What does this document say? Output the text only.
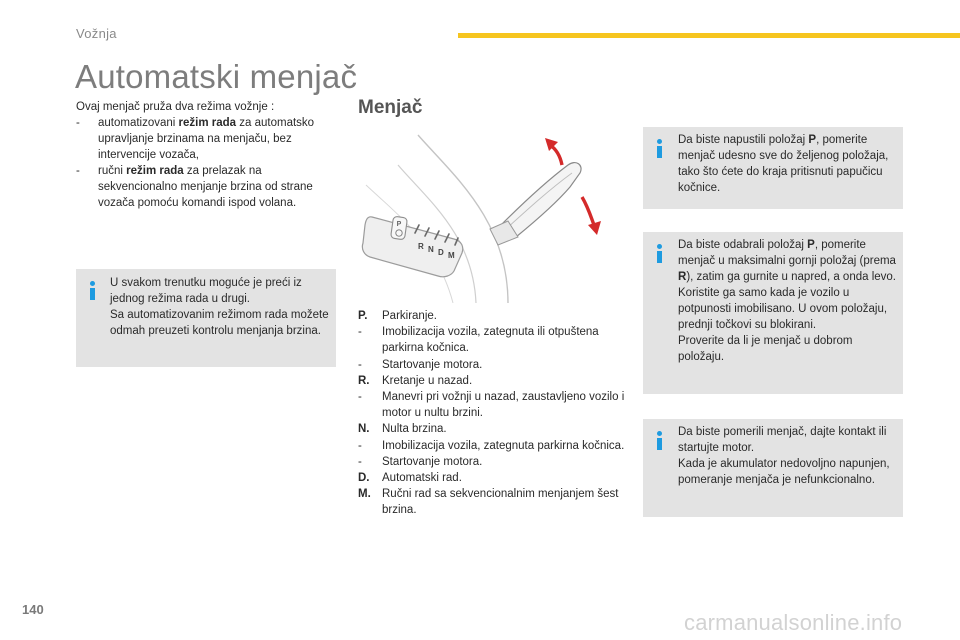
Vožnja
Automatski menjač
Ovaj menjač pruža dva režima vožnje :
- automatizovani režim rada za automatsko upravljanje brzinama na menjaču, bez intervencije vozača,
- ručni režim rada za prelazak na sekvencionalno menjanje brzina od strane vozača pomoću komandi ispod volana.
U svakom trenutku moguće je preći iz jednog režima rada u drugi.
Sa automatizovanim režimom rada možete odmah preuzeti kontrolu menjanja brzina.
Menjač
P
R N D M
P. Parkiranje.
- Imobilizacija vozila, zategnuta ili otpuštena parkirna kočnica.
- Startovanje motora.
R. Kretanje u nazad.
- Manevri pri vožnji u nazad, zaustavljeno vozilo i motor u nultu brzini.
N. Nulta brzina.
- Imobilizacija vozila, zategnuta parkirna kočnica.
- Startovanje motora.
D. Automatski rad.
M. Ručni rad sa sekvencionalnim menjanjem šest brzina.
Da biste napustili položaj P, pomerite menjač udesno sve do željenog položaja, tako što ćete do kraja pritisnuti papučicu kočnice.
Da biste odabrali položaj P, pomerite menjač u maksimalni gornji položaj (prema R), zatim ga gurnite u napred, a onda levo.
Koristite ga samo kada je vozilo u potpunosti imobilisano. U ovom položaju, prednji točkovi su blokirani.
Proverite da li je menjač u dobrom položaju.
Da biste pomerili menjač, dajte kontakt ili startujte motor.
Kada je akumulator nedovoljno napunjen, pomeranje menjača je nefunkcionalno.
140
carmanualsonline.info
